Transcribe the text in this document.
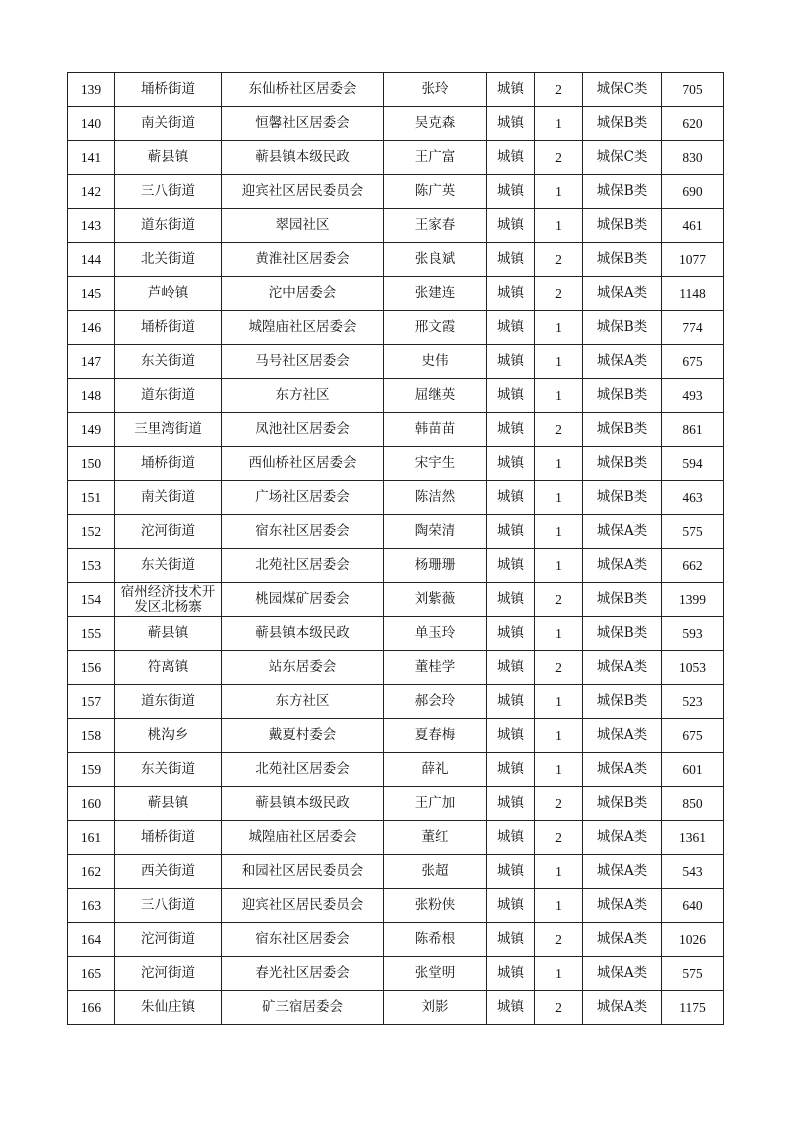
139	埇桥街道	东仙桥社区居委会	张玲	城镇	2	城保C类	705
140	南关街道	恒馨社区居委会	吴克森	城镇	1	城保B类	620
141	蕲县镇	蕲县镇本级民政	王广富	城镇	2	城保C类	830
142	三八街道	迎宾社区居民委员会	陈广英	城镇	1	城保B类	690
143	道东街道	翠园社区	王家春	城镇	1	城保B类	461
144	北关街道	黄淮社区居委会	张良斌	城镇	2	城保B类	1077
145	芦岭镇	沱中居委会	张建连	城镇	2	城保A类	1148
146	埇桥街道	城隍庙社区居委会	邢文霞	城镇	1	城保B类	774
147	东关街道	马号社区居委会	史伟	城镇	1	城保A类	675
148	道东街道	东方社区	屈继英	城镇	1	城保B类	493
149	三里湾街道	凤池社区居委会	韩苗苗	城镇	2	城保B类	861
150	埇桥街道	西仙桥社区居委会	宋宇生	城镇	1	城保B类	594
151	南关街道	广场社区居委会	陈洁然	城镇	1	城保B类	463
152	沱河街道	宿东社区居委会	陶荣清	城镇	1	城保A类	575
153	东关街道	北苑社区居委会	杨珊珊	城镇	1	城保A类	662
154	宿州经济技术开发区北杨寨	桃园煤矿居委会	刘紫薇	城镇	2	城保B类	1399
155	蕲县镇	蕲县镇本级民政	单玉玲	城镇	1	城保B类	593
156	符离镇	站东居委会	董桂学	城镇	2	城保A类	1053
157	道东街道	东方社区	郝会玲	城镇	1	城保B类	523
158	桃沟乡	戴夏村委会	夏春梅	城镇	1	城保A类	675
159	东关街道	北苑社区居委会	薛礼	城镇	1	城保A类	601
160	蕲县镇	蕲县镇本级民政	王广加	城镇	2	城保B类	850
161	埇桥街道	城隍庙社区居委会	董红	城镇	2	城保A类	1361
162	西关街道	和园社区居民委员会	张超	城镇	1	城保A类	543
163	三八街道	迎宾社区居民委员会	张粉侠	城镇	1	城保A类	640
164	沱河街道	宿东社区居委会	陈希根	城镇	2	城保A类	1026
165	沱河街道	春光社区居委会	张堂明	城镇	1	城保A类	575
166	朱仙庄镇	矿三宿居委会	刘影	城镇	2	城保A类	1175
